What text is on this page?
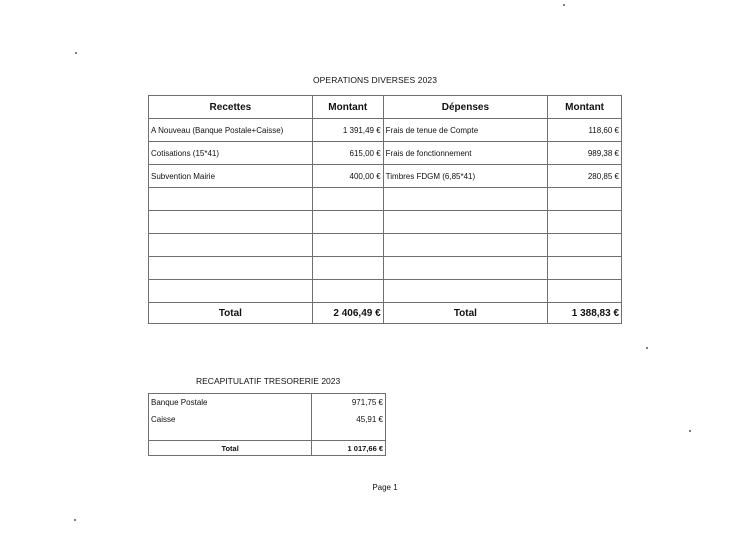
OPERATIONS DIVERSES 2023
Recettes	Montant	Dépenses	Montant
A Nouveau (Banque Postale+Caisse)	1 391,49 €	Frais de tenue de Compte	118,60 €
Cotisations (15*41)	615,00 €	Frais de fonctionnement	989,38 €
Subvention Mairie	400,00 €	Timbres FDGM (6,85*41)	280,85 €

Total	2 406,49 €	Total	1 388,83 €
RECAPITULATIF TRESORERIE 2023
Banque Postale	971,75 €
Caisse	45,91 €

Total	1 017,66 €
Page 1
